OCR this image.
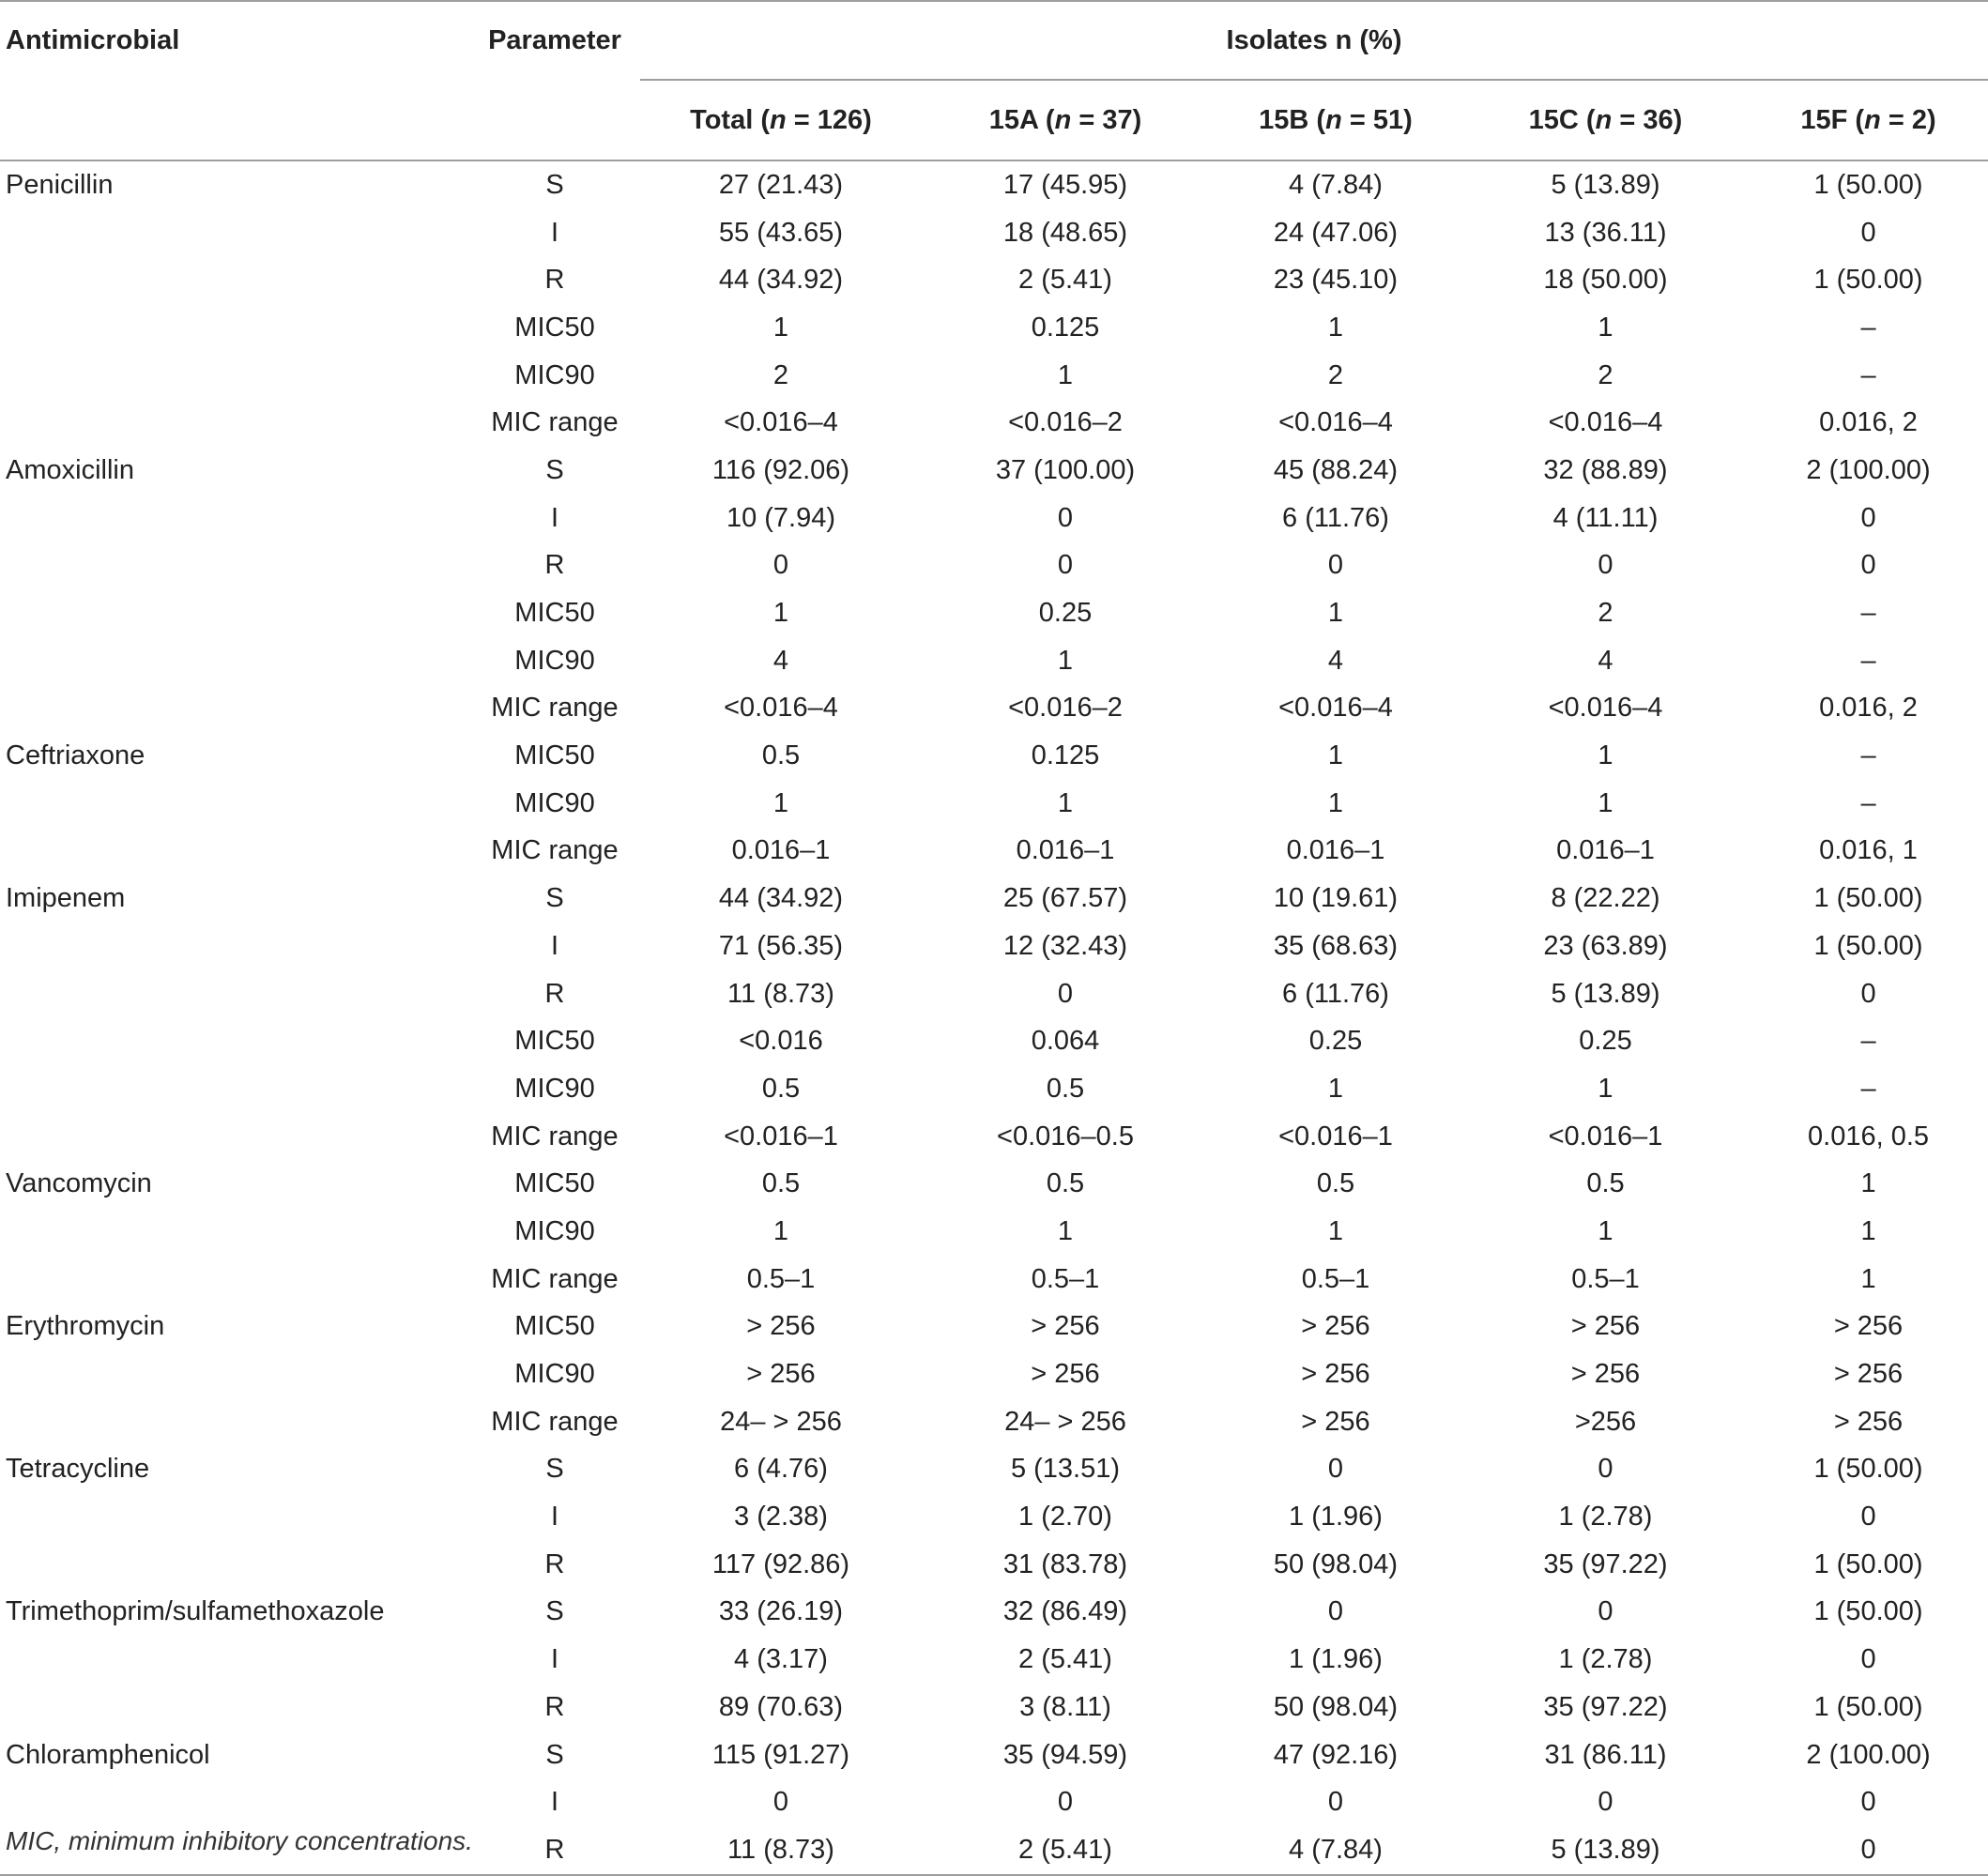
Antimicrobial	Parameter	Isolates n (%)				
		Total (n = 126)	15A (n = 37)	15B (n = 51)	15C (n = 36)	15F (n = 2)
Penicillin	S	27 (21.43)	17 (45.95)	4 (7.84)	5 (13.89)	1 (50.00)
	I	55 (43.65)	18 (48.65)	24 (47.06)	13 (36.11)	0
	R	44 (34.92)	2 (5.41)	23 (45.10)	18 (50.00)	1 (50.00)
	MIC50	1	0.125	1	1	–
	MIC90	2	1	2	2	–
	MIC range	<0.016–4	<0.016–2	<0.016–4	<0.016–4	0.016, 2
Amoxicillin	S	116 (92.06)	37 (100.00)	45 (88.24)	32 (88.89)	2 (100.00)
	I	10 (7.94)	0	6 (11.76)	4 (11.11)	0
	R	0	0	0	0	0
	MIC50	1	0.25	1	2	–
	MIC90	4	1	4	4	–
	MIC range	<0.016–4	<0.016–2	<0.016–4	<0.016–4	0.016, 2
Ceftriaxone	MIC50	0.5	0.125	1	1	–
	MIC90	1	1	1	1	–
	MIC range	0.016–1	0.016–1	0.016–1	0.016–1	0.016, 1
Imipenem	S	44 (34.92)	25 (67.57)	10 (19.61)	8 (22.22)	1 (50.00)
	I	71 (56.35)	12 (32.43)	35 (68.63)	23 (63.89)	1 (50.00)
	R	11 (8.73)	0	6 (11.76)	5 (13.89)	0
	MIC50	<0.016	0.064	0.25	0.25	–
	MIC90	0.5	0.5	1	1	–
	MIC range	<0.016–1	<0.016–0.5	<0.016–1	<0.016–1	0.016, 0.5
Vancomycin	MIC50	0.5	0.5	0.5	0.5	1
	MIC90	1	1	1	1	1
	MIC range	0.5–1	0.5–1	0.5–1	0.5–1	1
Erythromycin	MIC50	> 256	> 256	> 256	> 256	> 256
	MIC90	> 256	> 256	> 256	> 256	> 256
	MIC range	24– > 256	24– > 256	> 256	>256	> 256
Tetracycline	S	6 (4.76)	5 (13.51)	0	0	1 (50.00)
	I	3 (2.38)	1 (2.70)	1 (1.96)	1 (2.78)	0
	R	117 (92.86)	31 (83.78)	50 (98.04)	35 (97.22)	1 (50.00)
Trimethoprim/sulfamethoxazole	S	33 (26.19)	32 (86.49)	0	0	1 (50.00)
	I	4 (3.17)	2 (5.41)	1 (1.96)	1 (2.78)	0
	R	89 (70.63)	3 (8.11)	50 (98.04)	35 (97.22)	1 (50.00)
Chloramphenicol	S	115 (91.27)	35 (94.59)	47 (92.16)	31 (86.11)	2 (100.00)
	I	0	0	0	0	0
	R	11 (8.73)	2 (5.41)	4 (7.84)	5 (13.89)	0
MIC, minimum inhibitory concentrations.
